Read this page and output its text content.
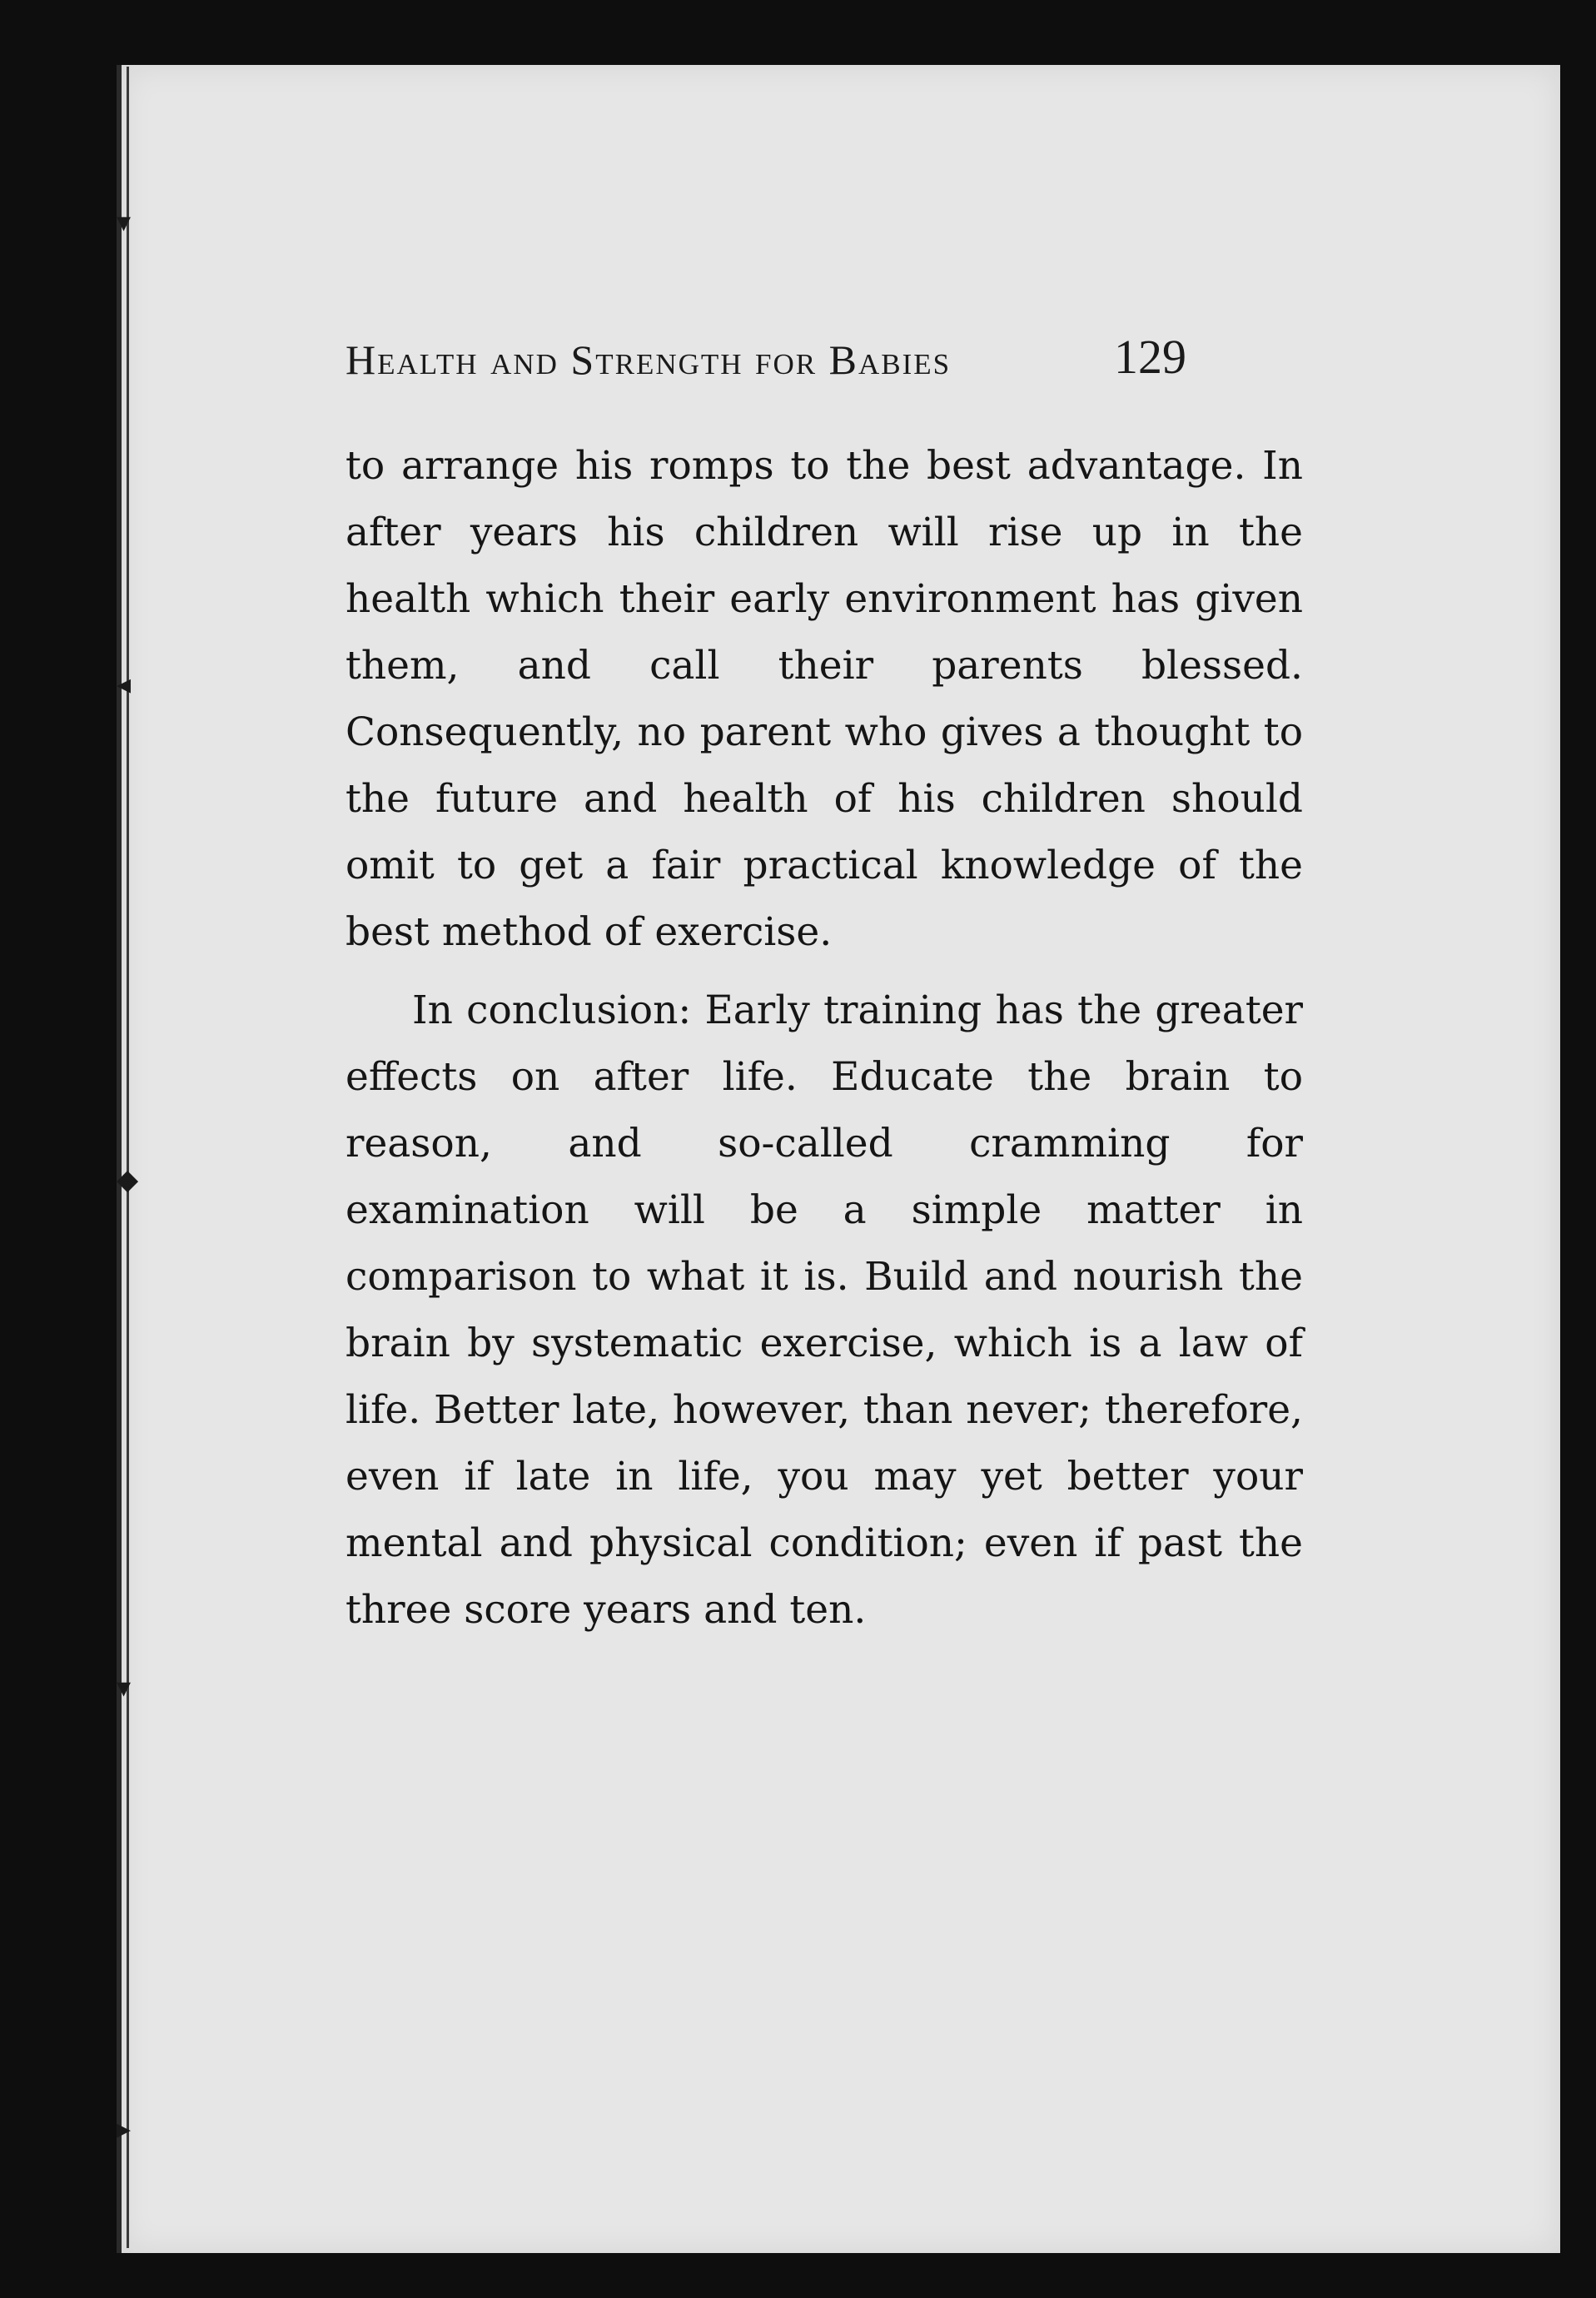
▾
◂
◆
▾
▸
Health and Strength for Babies	129

to arrange his romps to the best advantage. In after years his children will rise up in the health which their early environment has given them, and call their parents blessed. Consequently, no parent who gives a thought to the future and health of his children should omit to get a fair practical knowledge of the best method of exercise.

In conclusion: Early training has the greater effects on after life. Educate the brain to reason, and so-called cramming for examination will be a simple matter in comparison to what it is. Build and nourish the brain by systematic exercise, which is a law of life. Better late, however, than never; therefore, even if late in life, you may yet better your mental and physical condition; even if past the three score years and ten.
